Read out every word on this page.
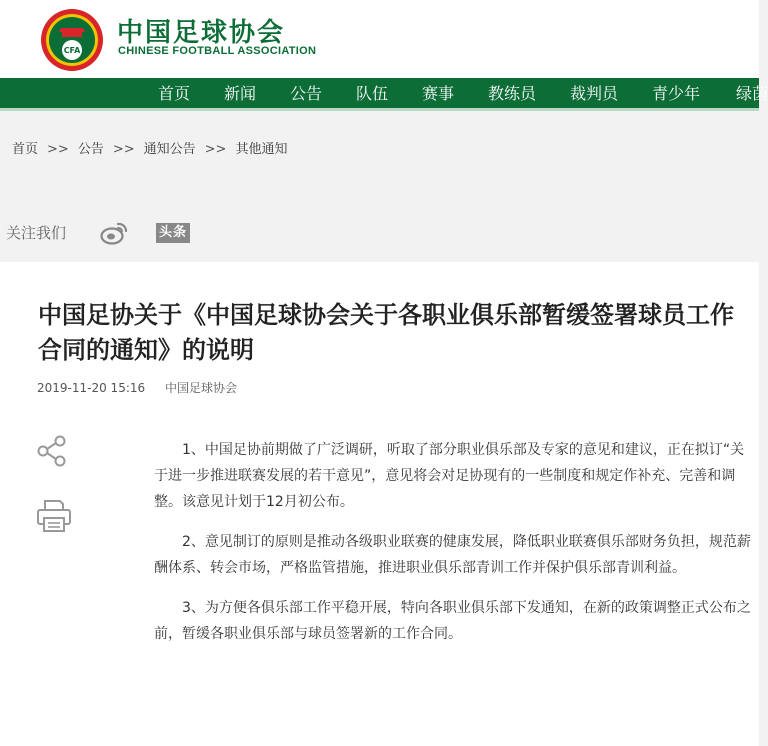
CFA
中国足球协会
CHINESE FOOTBALL ASSOCIATION
首页 新闻 公告 队伍 赛事 教练员 裁判员 青少年 绿茵
首页 >> 公告 >> 通知公告 >> 其他通知
关注我们	头条
中国足协关于《中国足球协会关于各职业俱乐部暂缓签署球员工作合同的通知》的说明
2019-11-20 15:16 中国足球协会

1、中国足协前期做了广泛调研，听取了部分职业俱乐部及专家的意见和建议，正在拟订“关于进一步推进联赛发展的若干意见”，意见将会对足协现有的一些制度和规定作补充、完善和调整。该意见计划于12月初公布。

2、意见制订的原则是推动各级职业联赛的健康发展，降低职业联赛俱乐部财务负担，规范薪酬体系、转会市场，严格监管措施，推进职业俱乐部青训工作并保护俱乐部青训利益。

3、为方便各俱乐部工作平稳开展，特向各职业俱乐部下发通知，在新的政策调整正式公布之前，暂缓各职业俱乐部与球员签署新的工作合同。
